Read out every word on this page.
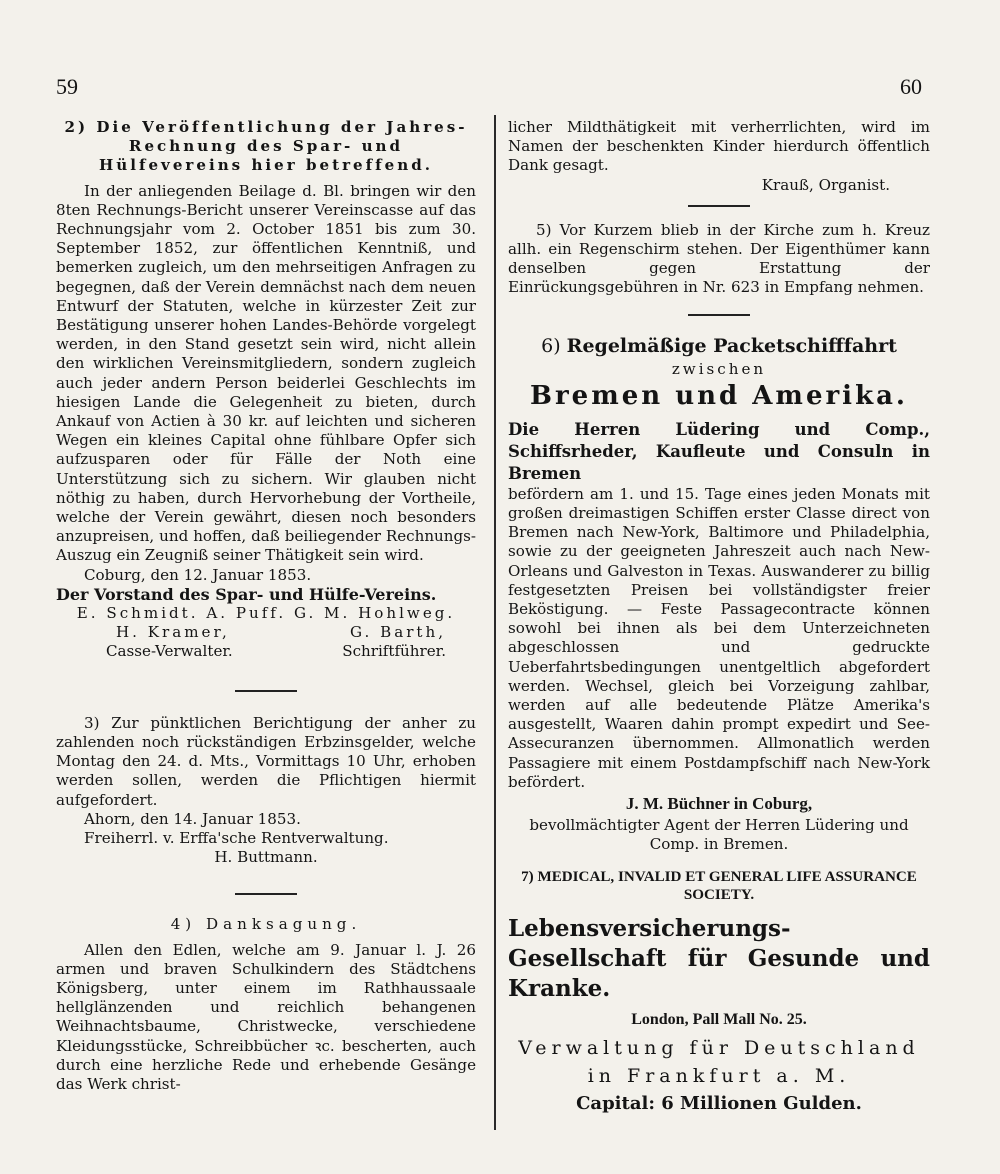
59	60

2) Die Veröffentlichung der Jahres-Rechnung des Spar- und Hülfevereins hier betreffend.

In der anliegenden Beilage d. Bl. bringen wir den 8ten Rechnungs-Bericht unserer Vereinscasse auf das Rechnungsjahr vom 2. October 1851 bis zum 30. September 1852, zur öffentlichen Kenntniß, und bemerken zugleich, um den mehrseitigen Anfragen zu begegnen, daß der Verein demnächst nach dem neuen Entwurf der Statuten, welche in kürzester Zeit zur Bestätigung unserer hohen Landes-Behörde vorgelegt werden, in den Stand gesetzt sein wird, nicht allein den wirklichen Vereinsmitgliedern, sondern zugleich auch jeder andern Person beiderlei Geschlechts im hiesigen Lande die Gelegenheit zu bieten, durch Ankauf von Actien à 30 kr. auf leichten und sicheren Wegen ein kleines Capital ohne fühlbare Opfer sich aufzusparen oder für Fälle der Noth eine Unterstützung sich zu sichern. Wir glauben nicht nöthig zu haben, durch Hervorhebung der Vortheile, welche der Verein gewährt, diesen noch besonders anzupreisen, und hoffen, daß beiliegender Rechnungs-Auszug ein Zeugniß seiner Thätigkeit sein wird.

Coburg, den 12. Januar 1853.

Der Vorstand des Spar- und Hülfe-Vereins.

E. Schmidt. A. Puff. G. M. Hohlweg.

H. Kramer,	G. Barth,
Casse-Verwalter.	Schriftführer.

3) Zur pünktlichen Berichtigung der anher zu zahlenden noch rückständigen Erbzinsgelder, welche Montag den 24. d. Mts., Vormittags 10 Uhr, erhoben werden sollen, werden die Pflichtigen hiermit aufgefordert.

Ahorn, den 14. Januar 1853.

Freiherrl. v. Erffa'sche Rentverwaltung.

H. Buttmann.

4) Danksagung.

Allen den Edlen, welche am 9. Januar l. J. 26 armen und braven Schulkindern des Städtchens Königsberg, unter einem im Rathhaussaale hellglänzenden und reichlich behangenen Weihnachtsbaume, Christwecke, verschiedene Kleidungsstücke, Schreibbücher ꝛc. bescherten, auch durch eine herzliche Rede und erhebende Gesänge das Werk christ-

licher Mildthätigkeit mit verherrlichten, wird im Namen der beschenkten Kinder hierdurch öffentlich Dank gesagt.

Krauß, Organist.

5) Vor Kurzem blieb in der Kirche zum h. Kreuz allh. ein Regenschirm stehen. Der Eigenthümer kann denselben gegen Erstattung der Einrückungsgebühren in Nr. 623 in Empfang nehmen.

6) Regelmäßige Packetschifffahrt

zwischen

Bremen und Amerika.

Die Herren Lüdering und Comp., Schiffsrheder, Kaufleute und Consuln in Bremen

befördern am 1. und 15. Tage eines jeden Monats mit großen dreimastigen Schiffen erster Classe direct von Bremen nach New-York, Baltimore und Philadelphia, sowie zu der geeigneten Jahreszeit auch nach New-Orleans und Galveston in Texas. Auswanderer zu billig festgesetzten Preisen bei vollständigster freier Beköstigung. — Feste Passagecontracte können sowohl bei ihnen als bei dem Unterzeichneten abgeschlossen und gedruckte Ueberfahrtsbedingungen unentgeltlich abgefordert werden. Wechsel, gleich bei Vorzeigung zahlbar, werden auf alle bedeutende Plätze Amerika's ausgestellt, Waaren dahin prompt expedirt und See-Assecuranzen übernommen. Allmonatlich werden Passagiere mit einem Postdampfschiff nach New-York befördert.

J. M. Büchner in Coburg,

bevollmächtigter Agent der Herren Lüdering und Comp. in Bremen.

7) MEDICAL, INVALID ET GENERAL LIFE ASSURANCE SOCIETY.

Lebensversicherungs-Gesellschaft für Gesunde und Kranke.

London, Pall Mall No. 25.

Verwaltung für Deutschland

in Frankfurt a. M.

Capital: 6 Millionen Gulden.
